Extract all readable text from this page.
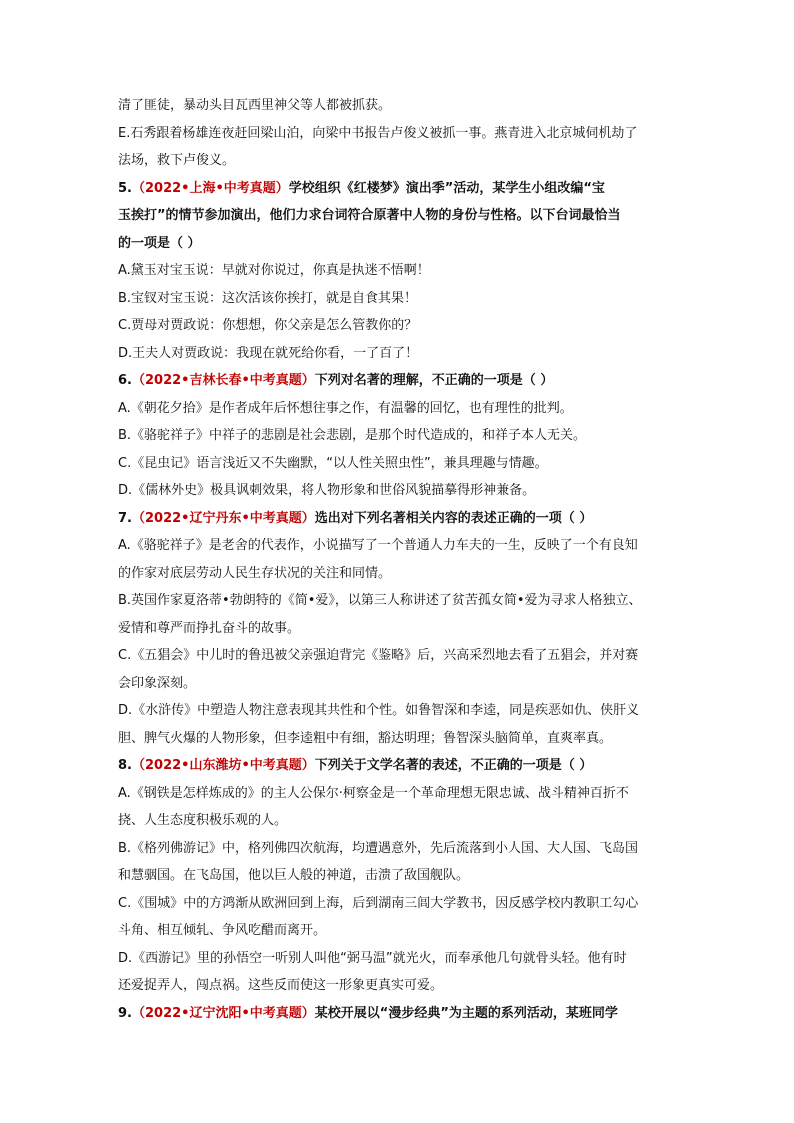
清了匪徒，暴动头目瓦西里神父等人都被抓获。
E.石秀跟着杨雄连夜赶回梁山泊，向梁中书报告卢俊义被抓一事。燕青进入北京城伺机劫了
法场，救下卢俊义。
5.（2022•上海•中考真题）学校组织《红楼梦》演出季”活动，某学生小组改编“宝
玉挨打”的情节参加演出，他们力求台词符合原著中人物的身份与性格。以下台词最恰当
的一项是（ ）
A.黛玉对宝玉说：早就对你说过，你真是执迷不悟啊！
B.宝钗对宝玉说：这次活该你挨打，就是自食其果！
C.贾母对贾政说：你想想，你父亲是怎么管教你的？
D.王夫人对贾政说：我现在就死给你看，一了百了！
6.（2022•吉林长春•中考真题）下列对名著的理解，不正确的一项是（ ）
A.《朝花夕拾》是作者成年后怀想往事之作，有温馨的回忆，也有理性的批判。
B.《骆驼祥子》中祥子的悲剧是社会悲剧，是那个时代造成的，和祥子本人无关。
C.《昆虫记》语言浅近又不失幽默，“以人性关照虫性”，兼具理趣与情趣。
D.《儒林外史》极具讽刺效果，将人物形象和世俗风貌描摹得形神兼备。
7.（2022•辽宁丹东•中考真题）选出对下列名著相关内容的表述正确的一项（ ）
A.《骆驼祥子》是老舍的代表作，小说描写了一个普通人力车夫的一生，反映了一个有良知
的作家对底层劳动人民生存状况的关注和同情。
B.英国作家夏洛蒂•勃朗特的《简•爱》，以第三人称讲述了贫苦孤女简•爱为寻求人格独立、
爱情和尊严而挣扎奋斗的故事。
C.《五猖会》中儿时的鲁迅被父亲强迫背完《鉴略》后，兴高采烈地去看了五猖会，并对赛
会印象深刻。
D.《水浒传》中塑造人物注意表现其共性和个性。如鲁智深和李逵，同是疾恶如仇、侠肝义
胆、脾气火爆的人物形象，但李逵粗中有细，豁达明理；鲁智深头脑简单，直爽率真。
8.（2022•山东潍坊•中考真题）下列关于文学名著的表述，不正确的一项是（ ）
A.《钢铁是怎样炼成的》的主人公保尔·柯察金是一个革命理想无限忠诚、战斗精神百折不
挠、人生态度积极乐观的人。
B.《格列佛游记》中，格列佛四次航海，均遭遇意外，先后流落到小人国、大人国、飞岛国
和慧骃国。在飞岛国，他以巨人般的神道，击溃了敌国舰队。
C.《围城》中的方鸿渐从欧洲回到上海，后到湖南三闾大学教书，因反感学校内教职工勾心
斗角、相互倾轧、争风吃醋而离开。
D.《西游记》里的孙悟空一听别人叫他“弼马温”就光火，而奉承他几句就骨头轻。他有时
还爱捉弄人，闯点祸。这些反而使这一形象更真实可爱。
9.（2022•辽宁沈阳•中考真题）某校开展以“漫步经典”为主题的系列活动，某班同学
